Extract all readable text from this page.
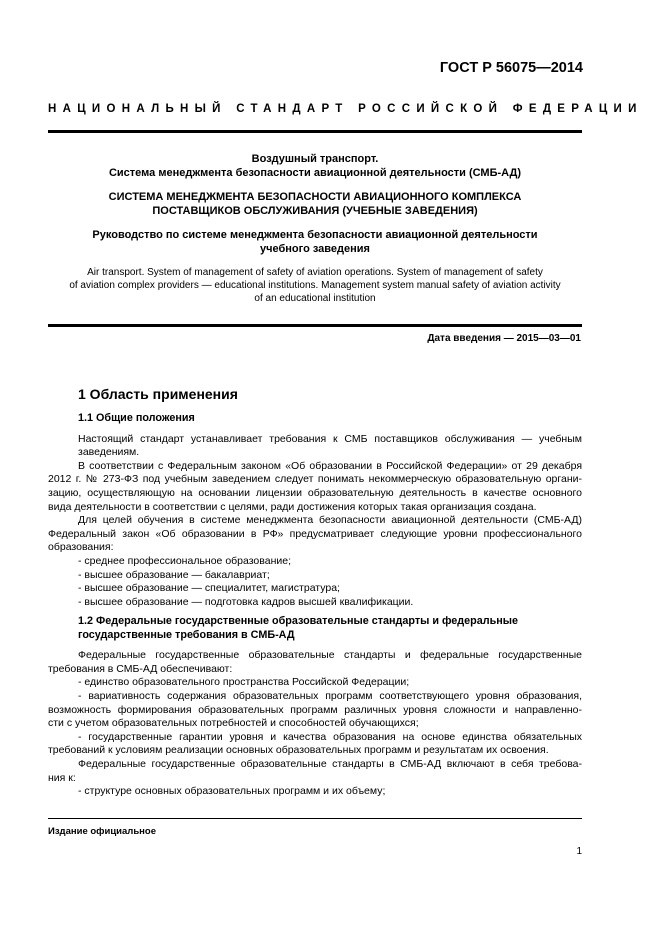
ГОСТ Р 56075—2014
НАЦИОНАЛЬНЫЙ СТАНДАРТ РОССИЙСКОЙ ФЕДЕРАЦИИ
Воздушный транспорт.
Система менеджмента безопасности авиационной деятельности (СМБ-АД)
СИСТЕМА МЕНЕДЖМЕНТА БЕЗОПАСНОСТИ АВИАЦИОННОГО КОМПЛЕКСА
ПОСТАВЩИКОВ ОБСЛУЖИВАНИЯ (УЧЕБНЫЕ ЗАВЕДЕНИЯ)
Руководство по системе менеджмента безопасности авиационной деятельности
учебного заведения
Air transport. System of management of safety of aviation operations. System of management of safety
of aviation complex providers — educational institutions. Management system manual safety of aviation activity
of an educational institution
Дата введения — 2015—03—01
1 Область применения
1.1 Общие положения
Настоящий стандарт устанавливает требования к СМБ поставщиков обслуживания — учебным
заведениям.
В соответствии с Федеральным законом «Об образовании в Российской Федерации» от 29 декабря
2012 г. № 273-ФЗ под учебным заведением следует понимать некоммерческую образовательную органи-
зацию, осуществляющую на основании лицензии образовательную деятельность в качестве основного
вида деятельности в соответствии с целями, ради достижения которых такая организация создана.
Для целей обучения в системе менеджмента безопасности авиационной деятельности (СМБ-АД)
Федеральный закон «Об образовании в РФ» предусматривает следующие уровни профессионального
образования:
- среднее профессиональное образование;
- высшее образование — бакалавриат;
- высшее образование — специалитет, магистратура;
- высшее образование — подготовка кадров высшей квалификации.
1.2 Федеральные государственные образовательные стандарты и федеральные
государственные требования в СМБ-АД
Федеральные государственные образовательные стандарты и федеральные государственные
требования в СМБ-АД обеспечивают:
- единство образовательного пространства Российской Федерации;
- вариативность содержания образовательных программ соответствующего уровня образования,
возможность формирования образовательных программ различных уровня сложности и направленно-
сти с учетом образовательных потребностей и способностей обучающихся;
- государственные гарантии уровня и качества образования на основе единства обязательных
требований к условиям реализации основных образовательных программ и результатам их освоения.
Федеральные государственные образовательные стандарты в СМБ-АД включают в себя требова-
ния к:
- структуре основных образовательных программ и их объему;
Издание официальное
1
